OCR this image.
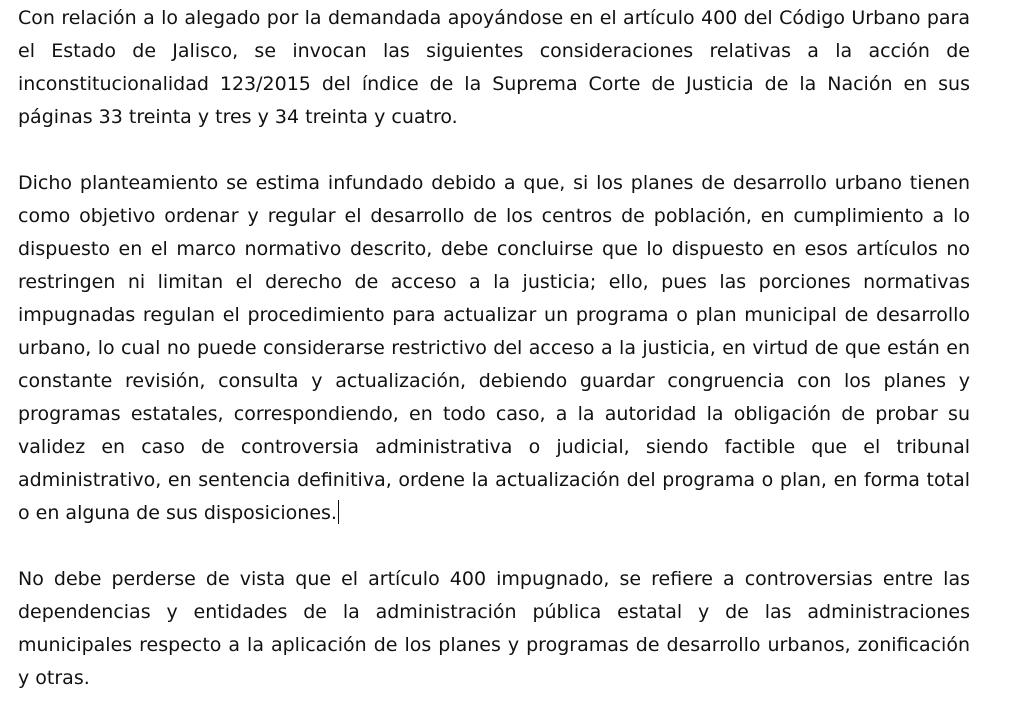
Con relación a lo alegado por la demandada apoyándose en el artículo 400 del Código Urbano para el Estado de Jalisco, se invocan las siguientes consideraciones relativas a la acción de inconstitucionalidad 123/2015 del índice de la Suprema Corte de Justicia de la Nación en sus páginas 33 treinta y tres y 34 treinta y cuatro.

Dicho planteamiento se estima infundado debido a que, si los planes de desarrollo urbano tienen como objetivo ordenar y regular el desarrollo de los centros de población, en cumplimiento a lo dispuesto en el marco normativo descrito, debe concluirse que lo dispuesto en esos artículos no restringen ni limitan el derecho de acceso a la justicia; ello, pues las porciones normativas impugnadas regulan el procedimiento para actualizar un programa o plan municipal de desarrollo urbano, lo cual no puede considerarse restrictivo del acceso a la justicia, en virtud de que están en constante revisión, consulta y actualización, debiendo guardar congruencia con los planes y programas estatales, correspondiendo, en todo caso, a la autoridad la obligación de probar su validez en caso de controversia administrativa o judicial, siendo factible que el tribunal administrativo, en sentencia definitiva, ordene la actualización del programa o plan, en forma total o en alguna de sus disposiciones.

No debe perderse de vista que el artículo 400 impugnado, se refiere a controversias entre las dependencias y entidades de la administración pública estatal y de las administraciones municipales respecto a la aplicación de los planes y programas de desarrollo urbanos, zonificación y otras.
